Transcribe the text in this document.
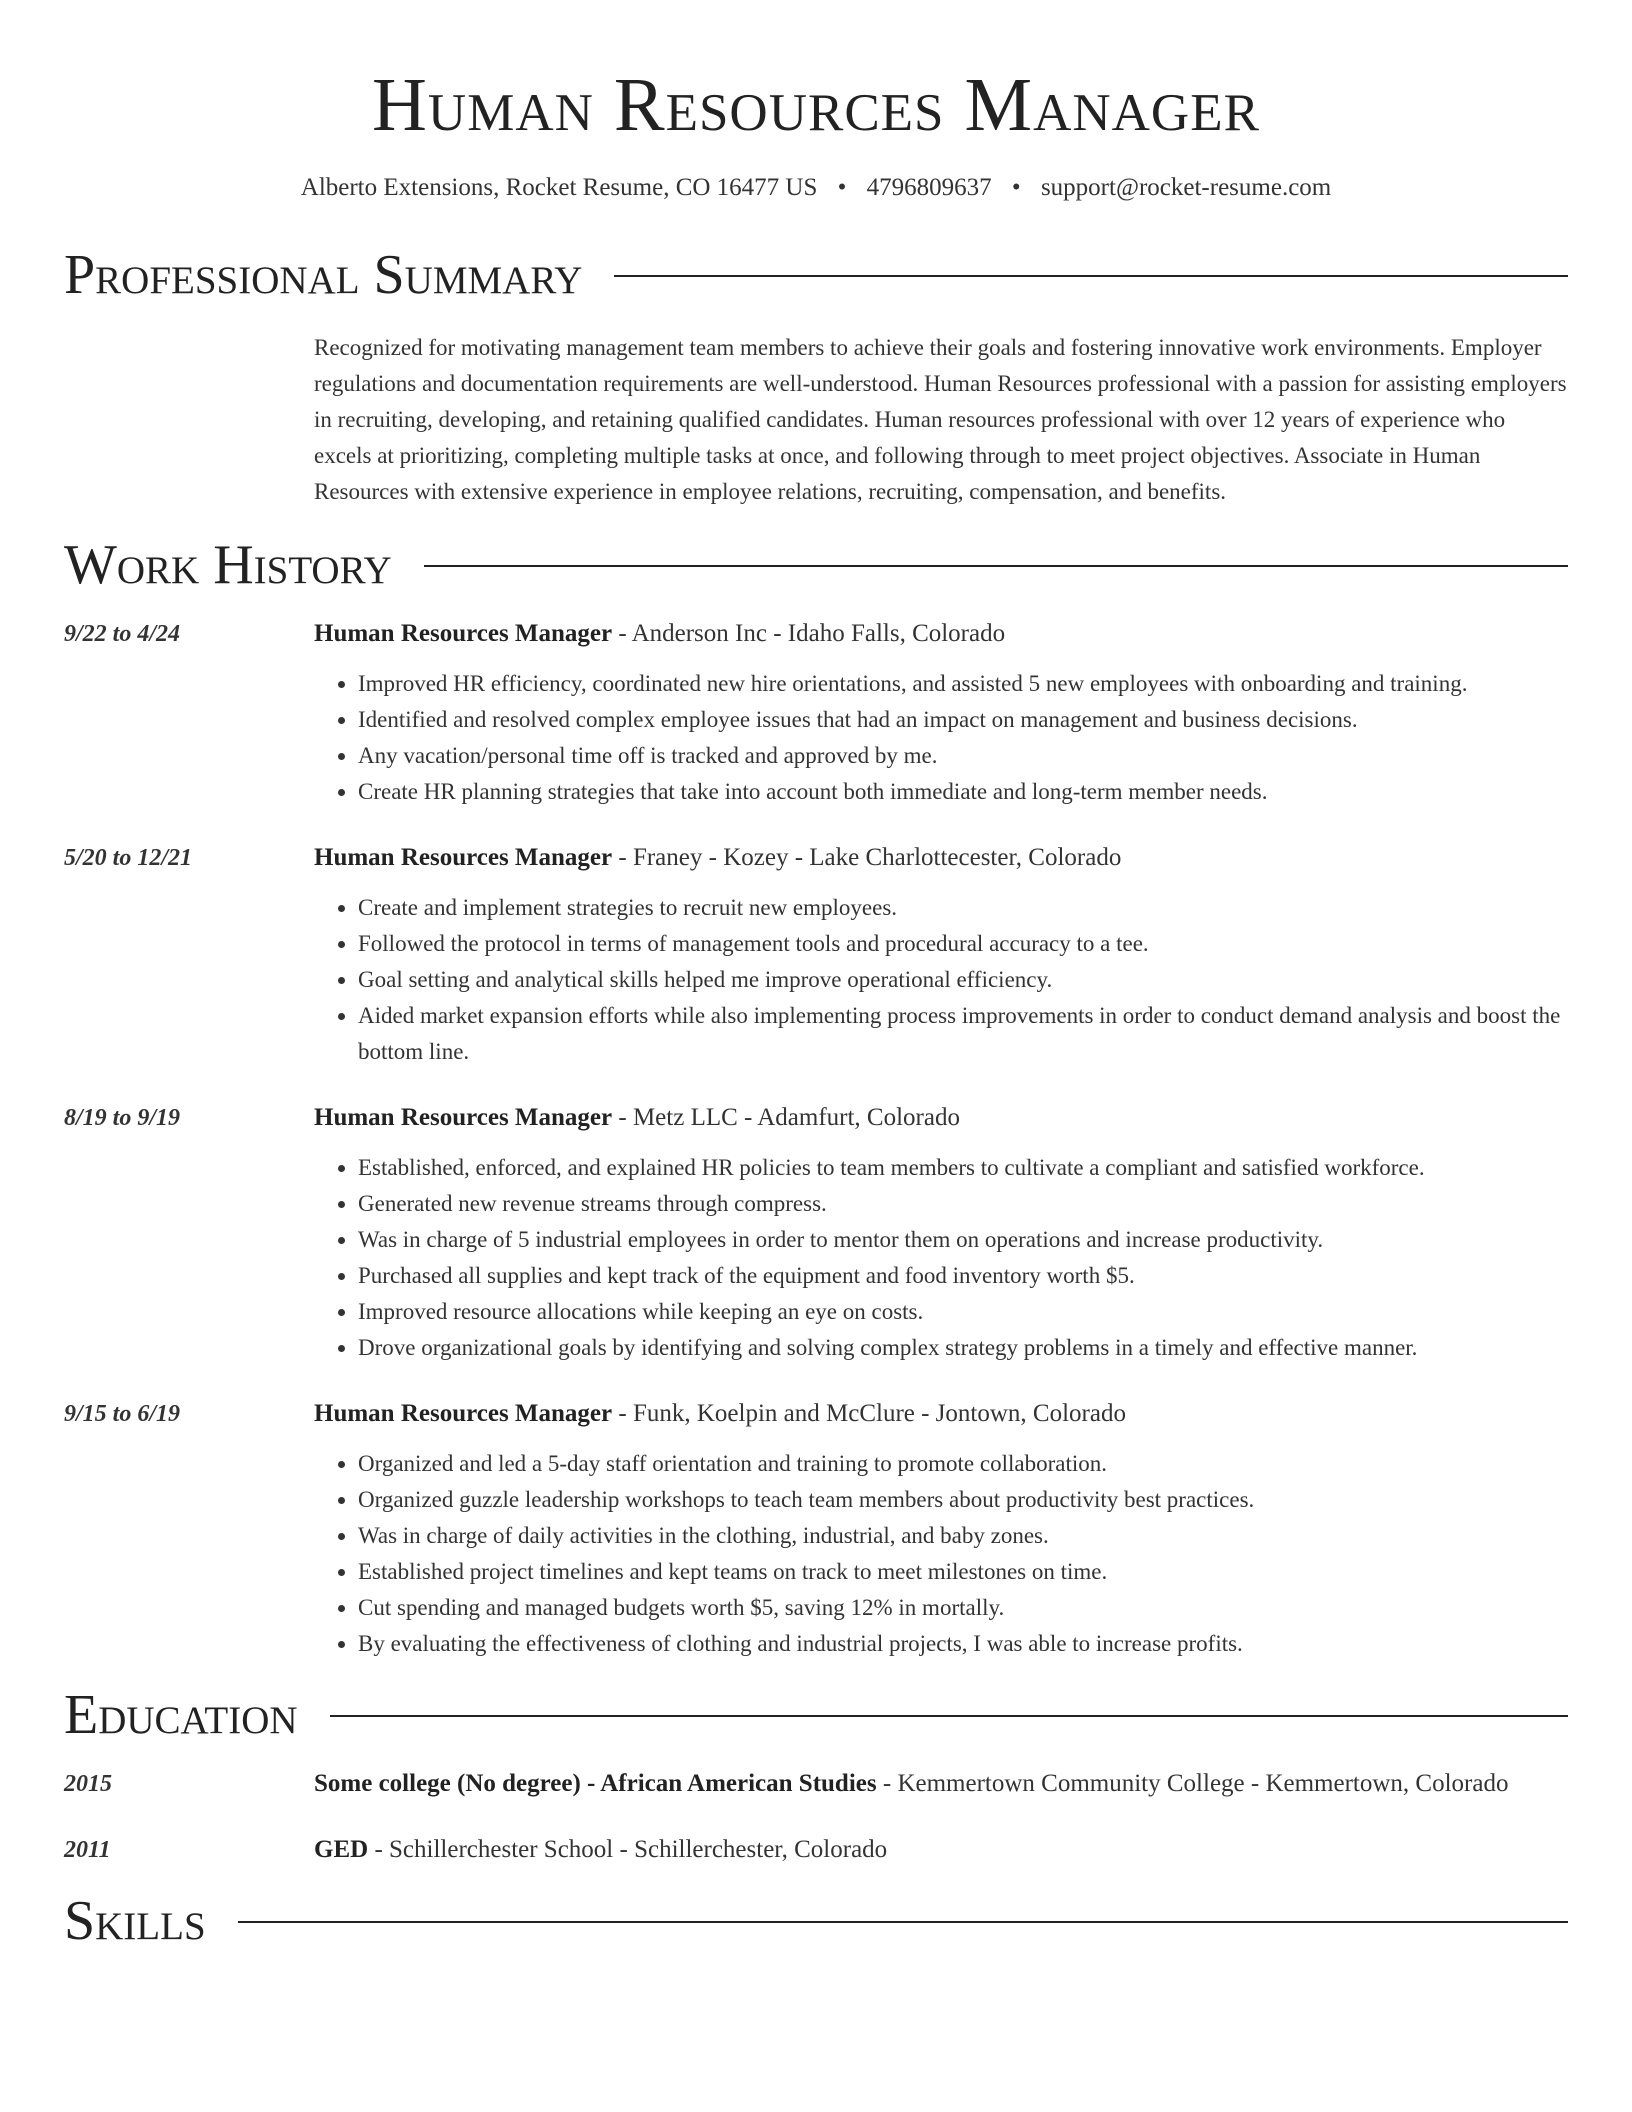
Human Resources Manager
Alberto Extensions, Rocket Resume, CO 16477 US • 4796809637 • support@rocket-resume.com
Professional Summary
Recognized for motivating management team members to achieve their goals and fostering innovative work environments. Employer regulations and documentation requirements are well-understood. Human Resources professional with a passion for assisting employers in recruiting, developing, and retaining qualified candidates. Human resources professional with over 12 years of experience who excels at prioritizing, completing multiple tasks at once, and following through to meet project objectives. Associate in Human Resources with extensive experience in employee relations, recruiting, compensation, and benefits.
Work History
9/22 to 4/24	Human Resources Manager - Anderson Inc - Idaho Falls, Colorado
• Improved HR efficiency, coordinated new hire orientations, and assisted 5 new employees with onboarding and training.
• Identified and resolved complex employee issues that had an impact on management and business decisions.
• Any vacation/personal time off is tracked and approved by me.
• Create HR planning strategies that take into account both immediate and long-term member needs.
5/20 to 12/21	Human Resources Manager - Franey - Kozey - Lake Charlottecester, Colorado
• Create and implement strategies to recruit new employees.
• Followed the protocol in terms of management tools and procedural accuracy to a tee.
• Goal setting and analytical skills helped me improve operational efficiency.
• Aided market expansion efforts while also implementing process improvements in order to conduct demand analysis and boost the bottom line.
8/19 to 9/19	Human Resources Manager - Metz LLC - Adamfurt, Colorado
• Established, enforced, and explained HR policies to team members to cultivate a compliant and satisfied workforce.
• Generated new revenue streams through compress.
• Was in charge of 5 industrial employees in order to mentor them on operations and increase productivity.
• Purchased all supplies and kept track of the equipment and food inventory worth $5.
• Improved resource allocations while keeping an eye on costs.
• Drove organizational goals by identifying and solving complex strategy problems in a timely and effective manner.
9/15 to 6/19	Human Resources Manager - Funk, Koelpin and McClure - Jontown, Colorado
• Organized and led a 5-day staff orientation and training to promote collaboration.
• Organized guzzle leadership workshops to teach team members about productivity best practices.
• Was in charge of daily activities in the clothing, industrial, and baby zones.
• Established project timelines and kept teams on track to meet milestones on time.
• Cut spending and managed budgets worth $5, saving 12% in mortally.
• By evaluating the effectiveness of clothing and industrial projects, I was able to increase profits.
Education
2015	Some college (No degree) - African American Studies - Kemmertown Community College - Kemmertown, Colorado
2011	GED - Schillerchester School - Schillerchester, Colorado
Skills
